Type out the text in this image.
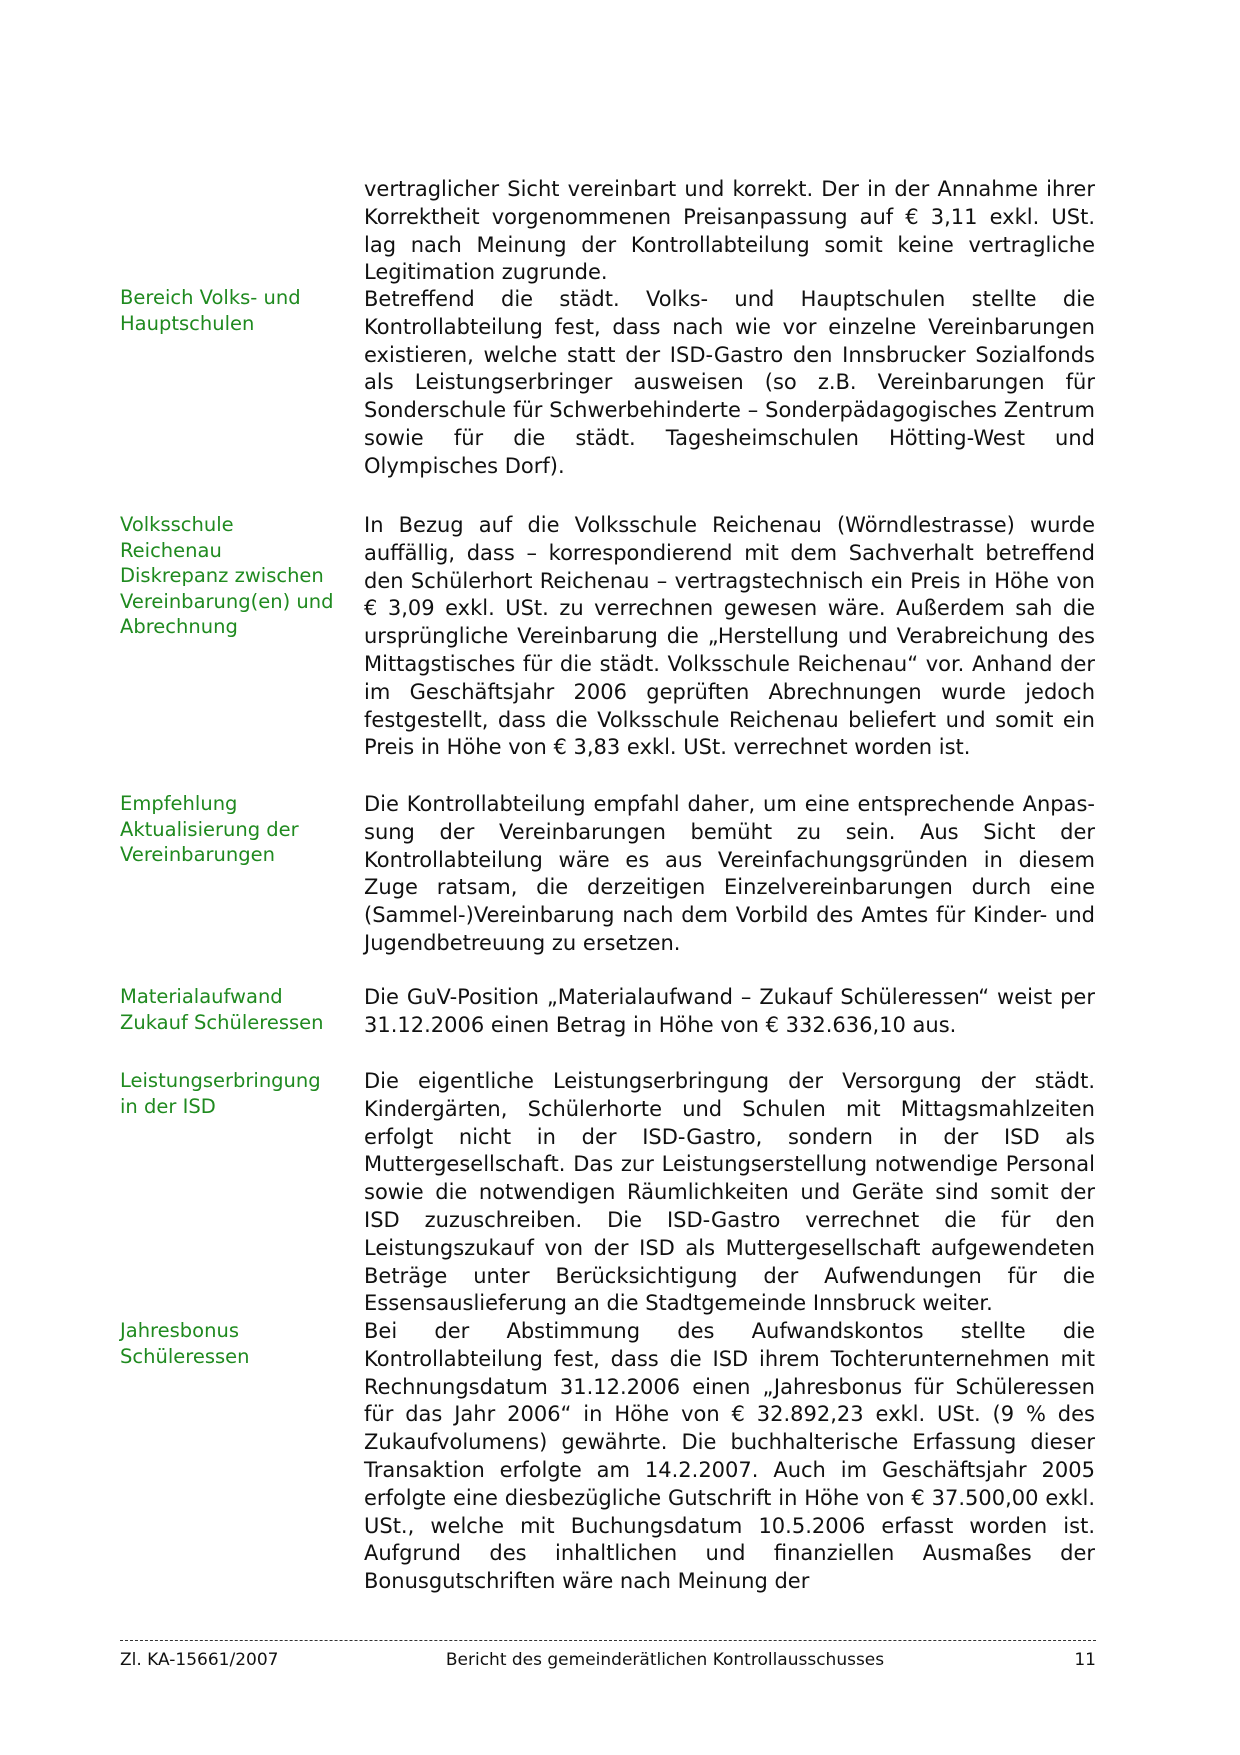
vertraglicher Sicht vereinbart und korrekt. Der in der Annahme ihrer Korrektheit vorgenommenen Preisanpassung auf € 3,11 exkl. USt. lag nach Meinung der Kontrollabteilung somit keine vertragliche Legitimation zugrunde.

Bereich Volks- und Hauptschulen

Betreffend die städt. Volks- und Hauptschulen stellte die Kontrollabteilung fest, dass nach wie vor einzelne Vereinbarungen existieren, welche statt der ISD-Gastro den Innsbrucker Sozialfonds als Leistungserbringer ausweisen (so z.B. Vereinbarungen für Sonderschule für Schwerbehinderte – Sonderpädagogisches Zentrum sowie für die städt. Tagesheimschulen Hötting-West und Olympisches Dorf).

Volksschule Reichenau Diskrepanz zwischen Vereinbarung(en) und Abrechnung

In Bezug auf die Volksschule Reichenau (Wörndlestrasse) wurde auffällig, dass – korrespondierend mit dem Sachverhalt betreffend den Schülerhort Reichenau – vertragstechnisch ein Preis in Höhe von € 3,09 exkl. USt. zu verrechnen gewesen wäre. Außerdem sah die ursprüngliche Vereinbarung die „Herstellung und Verabreichung des Mittagstisches für die städt. Volksschule Reichenau“ vor. Anhand der im Geschäftsjahr 2006 geprüften Abrechnungen wurde jedoch festgestellt, dass die Volksschule Reichenau beliefert und somit ein Preis in Höhe von € 3,83 exkl. USt. verrechnet worden ist.

Empfehlung Aktualisierung der Vereinbarungen

Die Kontrollabteilung empfahl daher, um eine entsprechende Anpassung der Vereinbarungen bemüht zu sein. Aus Sicht der Kontrollabteilung wäre es aus Vereinfachungsgründen in diesem Zuge ratsam, die derzeitigen Einzelvereinbarungen durch eine (Sammel-)Vereinbarung nach dem Vorbild des Amtes für Kinder- und Jugendbetreuung zu ersetzen.

Materialaufwand Zukauf Schüleressen

Die GuV-Position „Materialaufwand – Zukauf Schüleressen“ weist per 31.12.2006 einen Betrag in Höhe von € 332.636,10 aus.

Leistungserbringung in der ISD

Die eigentliche Leistungserbringung der Versorgung der städt. Kindergärten, Schülerhorte und Schulen mit Mittagsmahlzeiten erfolgt nicht in der ISD-Gastro, sondern in der ISD als Muttergesellschaft. Das zur Leistungserstellung notwendige Personal sowie die notwendigen Räumlichkeiten und Geräte sind somit der ISD zuzuschreiben. Die ISD-Gastro verrechnet die für den Leistungszukauf von der ISD als Muttergesellschaft aufgewendeten Beträge unter Berücksichtigung der Aufwendungen für die Essensauslieferung an die Stadtgemeinde Innsbruck weiter.

Jahresbonus Schüleressen

Bei der Abstimmung des Aufwandskontos stellte die Kontrollabteilung fest, dass die ISD ihrem Tochterunternehmen mit Rechnungsdatum 31.12.2006 einen „Jahresbonus für Schüleressen für das Jahr 2006“ in Höhe von € 32.892,23 exkl. USt. (9 % des Zukaufvolumens) gewährte. Die buchhalterische Erfassung dieser Transaktion erfolgte am 14.2.2007. Auch im Geschäftsjahr 2005 erfolgte eine diesbezügliche Gutschrift in Höhe von € 37.500,00 exkl. USt., welche mit Buchungsdatum 10.5.2006 erfasst worden ist. Aufgrund des inhaltlichen und finanziellen Ausmaßes der Bonusgutschriften wäre nach Meinung der

Zl. KA-15661/2007	Bericht des gemeinderätlichen Kontrollausschusses	11
